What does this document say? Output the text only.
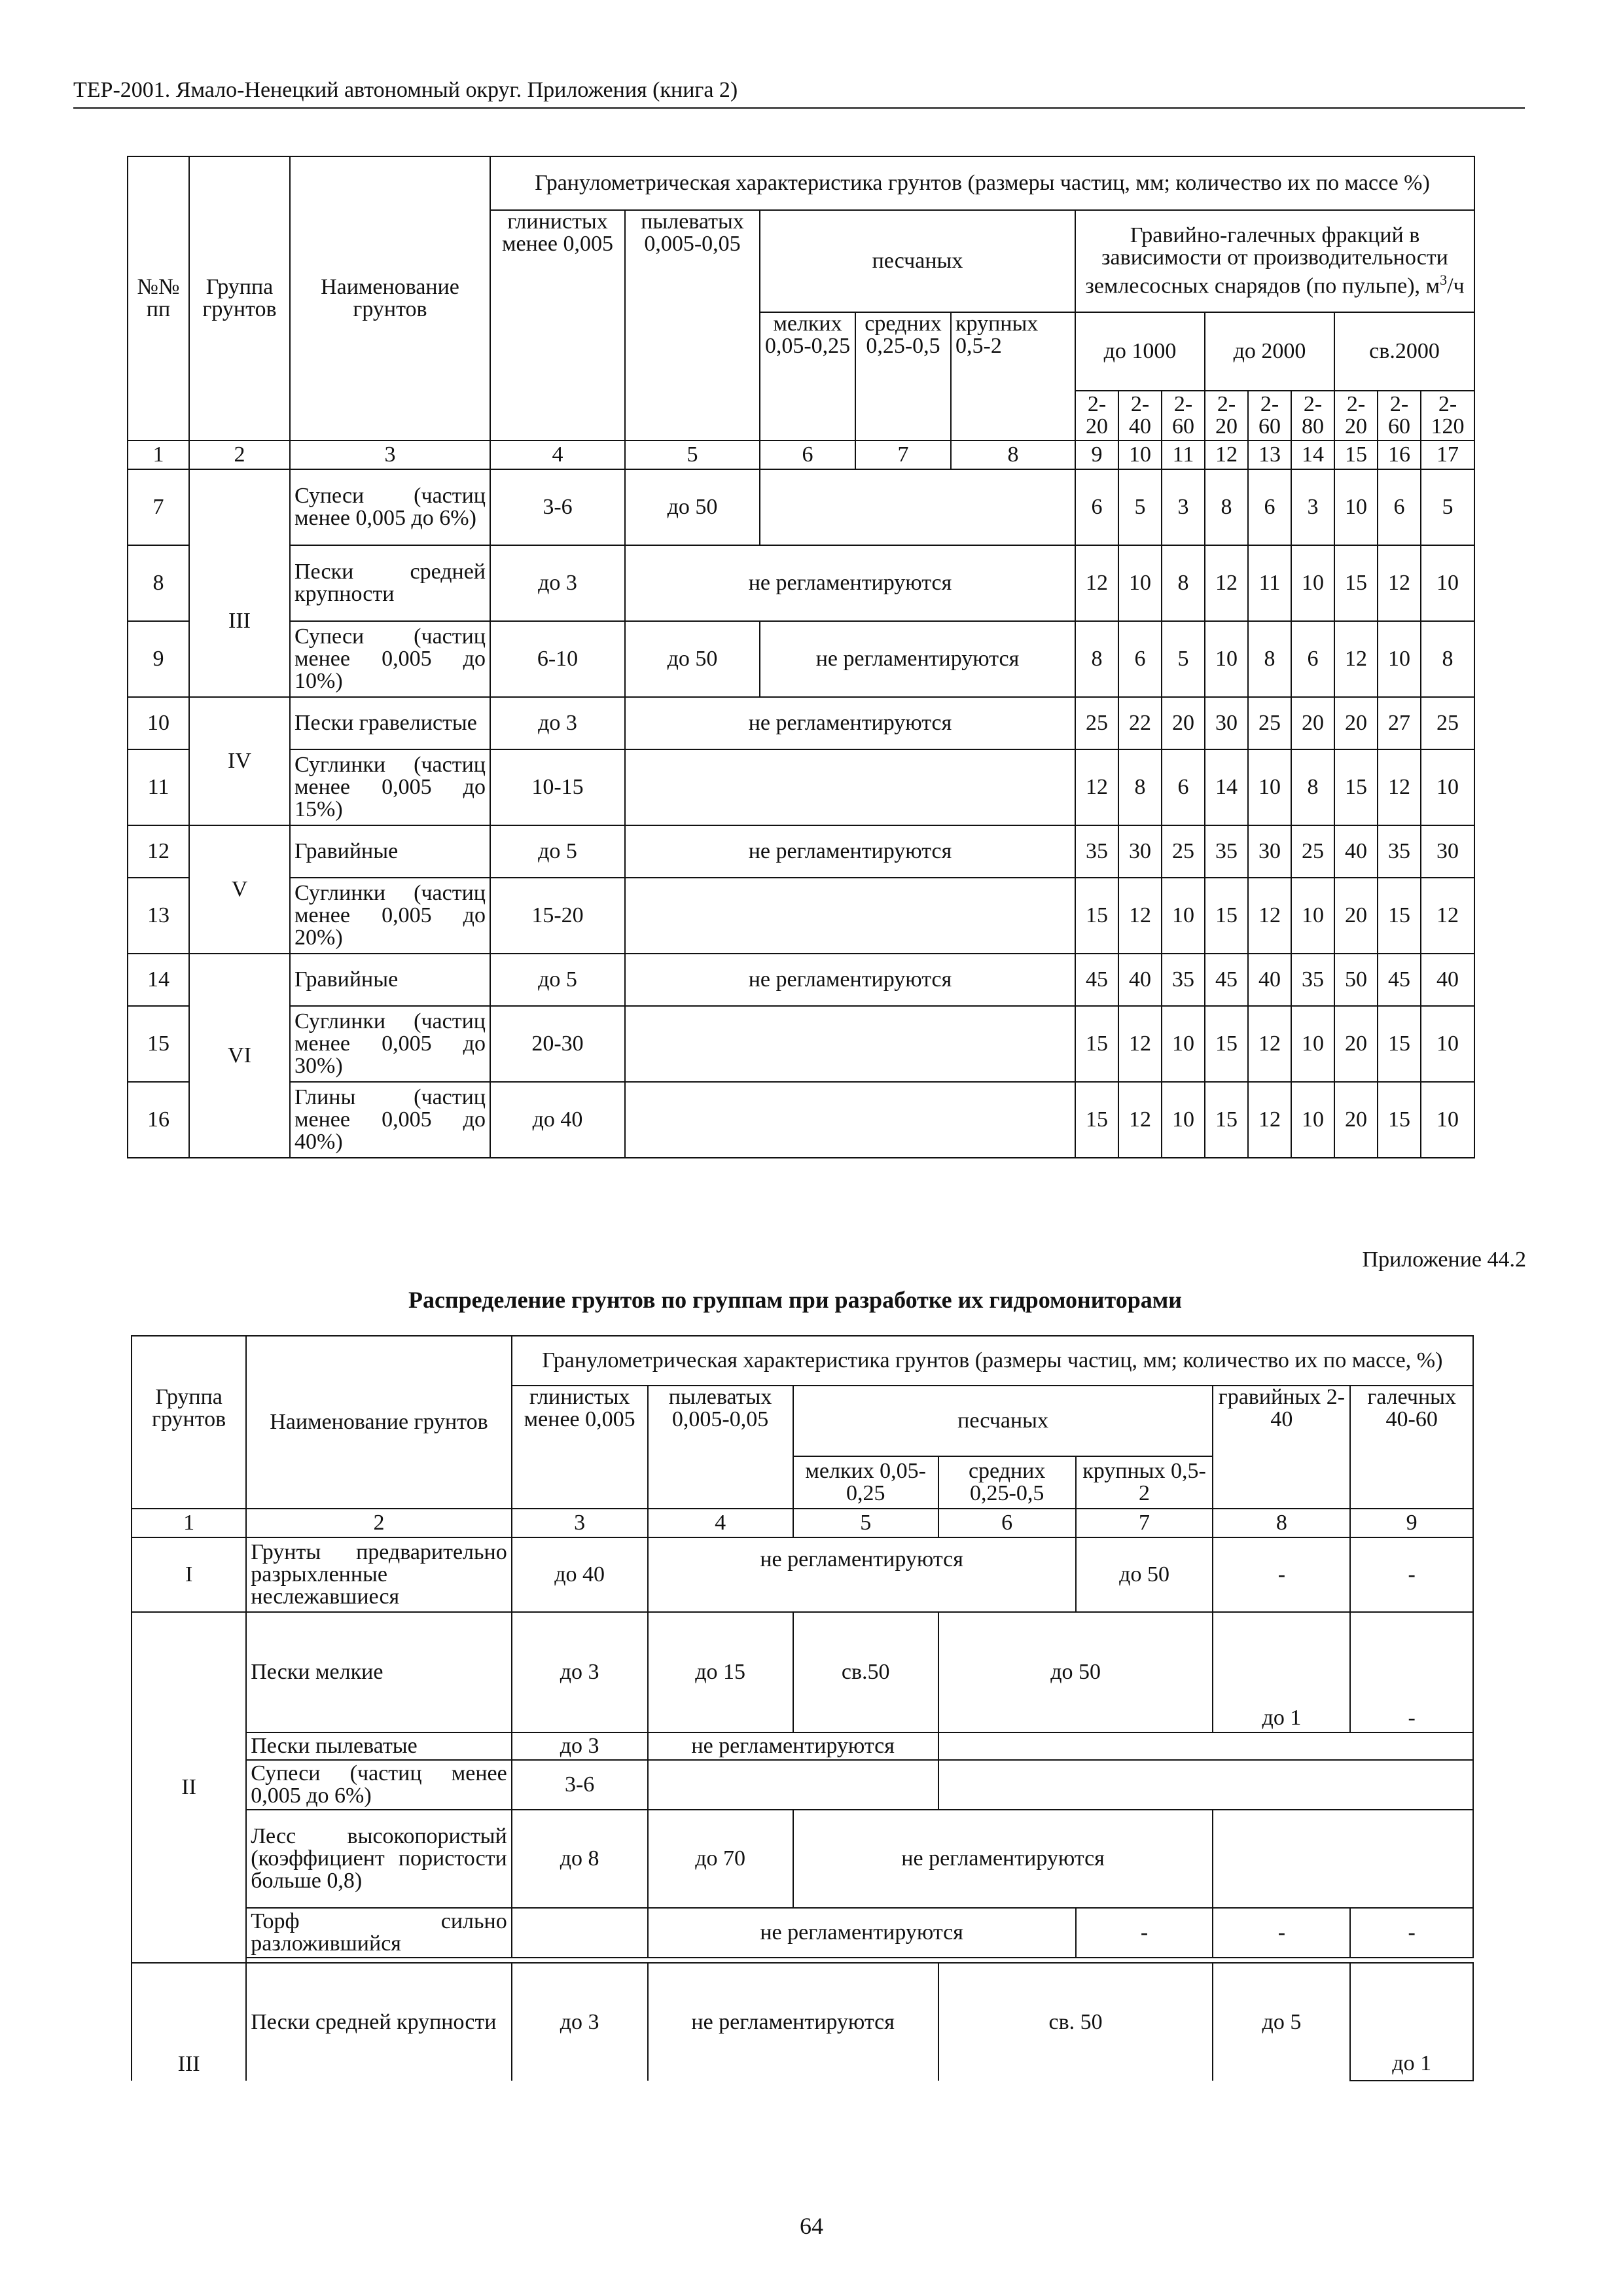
ТЕР-2001. Ямало-Ненецкий автономный округ. Приложения (книга 2)
№№ пп	Группа грунтов	Наименование грунтов	Гранулометрическая характеристика грунтов (размеры частиц, мм; количество их по массе %)													
			глинистых менее 0,005	пылеватых 0,005-0,05	песчаных			Гравийно-галечных фракций в зависимости от производительности землесосных снарядов (по пульпе), $м^3/ч$								
					мелких 0,05-0,25	средних 0,25-0,5	крупных 0,5-2	до 1000			до 2000			св.2000		
								2-20	2-40	2-60	2-20	2-60	2-80	2-20	2-60	2-120
1	2	3	4	5	6	7	8	9	10	11	12	13	14	15	16	17
7		Супеси (частиц менее 0,005 до 6%)	3-6	до 50				6	5	3	8	6	3	10	6	5
8	III	Пески средней крупности	до 3	не регламентируются				12	10	8	12	11	10	15	12	10
9		Супеси (частиц менее 0,005 до 10%)	6-10	до 50	не регламентируются			8	6	5	10	8	6	12	10	8
10	IV	Пески гравелистые	до 3	не регламентируются				25	22	20	30	25	20	20	27	25
11		Суглинки (частиц менее 0,005 до 15%)	10-15					12	8	6	14	10	8	15	12	10
12	V	Гравийные	до 5	не регламентируются				35	30	25	35	30	25	40	35	30
13		Суглинки (частиц менее 0,005 до 20%)	15-20					15	12	10	15	12	10	20	15	12
14	VI	Гравийные	до 5	не регламентируются				45	40	35	45	40	35	50	45	40
15		Суглинки (частиц менее 0,005 до 30%)	20-30					15	12	10	15	12	10	20	15	10
16		Глины (частиц менее 0,005 до 40%)	до 40					15	12	10	15	12	10	20	15	10
Приложение 44.2
Распределение грунтов по группам при разработке их гидромониторами
Группа грунтов	Наименование грунтов	Гранулометрическая характеристика грунтов (размеры частиц, мм; количество их по массе, %)						
		глинистых менее 0,005	пылеватых 0,005-0,05	песчаных			гравийных 2-40	галечных 40-60
				мелких 0,05-0,25	средних 0,25-0,5	крупных 0,5-2		
1	2	3	4	5	6	7	8	9
I	Грунты предварительно разрыхленные неслежавшиеся	до 40	не регламентируются			до 50	-	-
II	Пески мелкие	до 3	до 15	св.50	до 50		до 1	-
	Пески пылеватые	до 3	не регламентируются					
	Супеси (частиц менее 0,005 до 6%)	3-6						
	Лесс высокопористый (коэффициент пористости больше 0,8)	до 8	до 70	не регламентируются				
	Торф сильно разложившийся		не регламентируются			-	-	-

III	Пески средней крупности	до 3	не регламентируются		св. 50		до 5	до 1
64
